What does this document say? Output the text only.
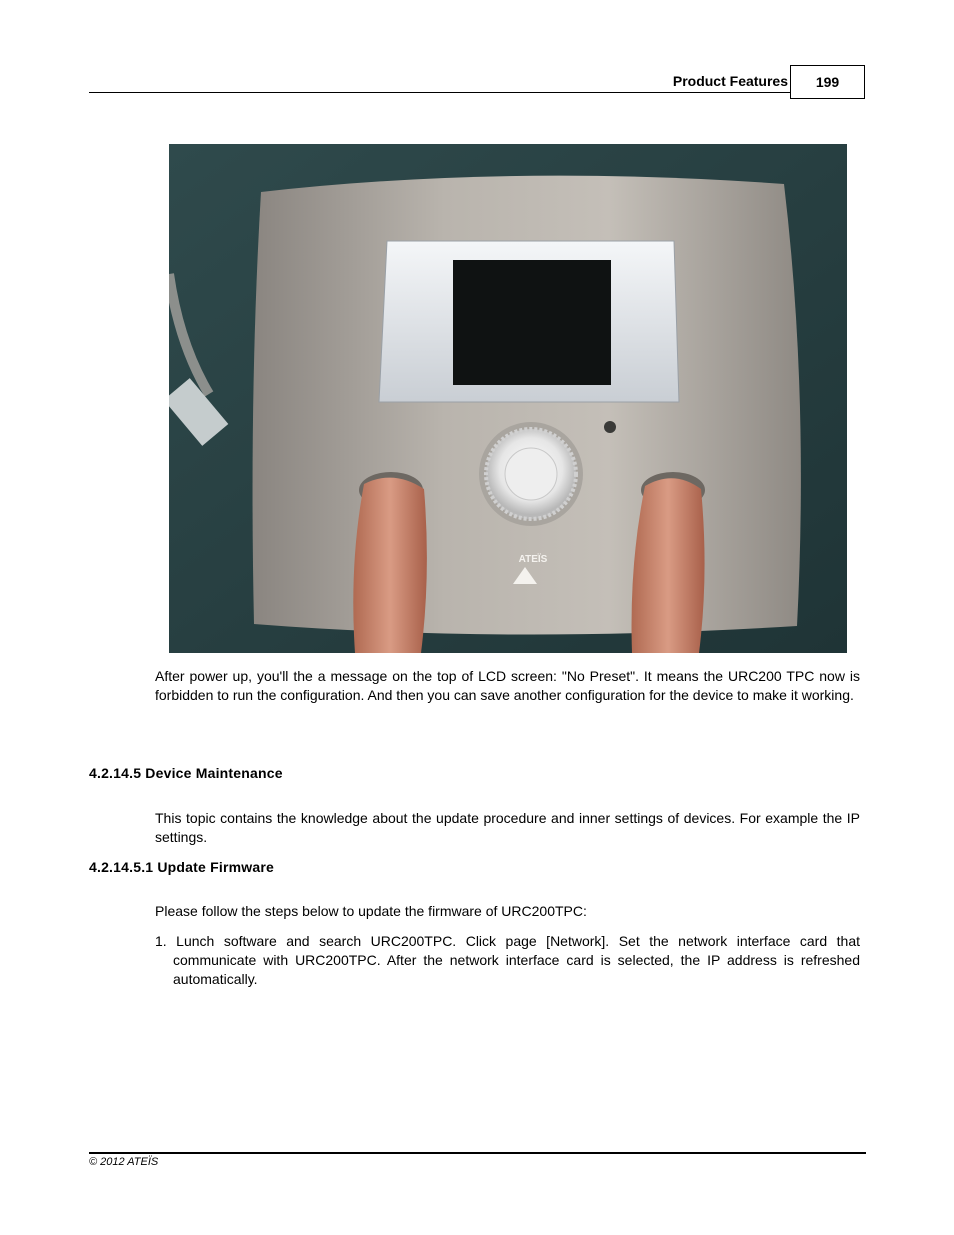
Product Features	199
ATEÏS

After power up, you'll the a message on the top of LCD screen: "No Preset". It means the URC200 TPC now is forbidden to run the configuration. And then you can save another configuration for the device to make it working.

4.2.14.5 Device Maintenance

This topic contains the knowledge about the update procedure and inner settings of devices. For example the IP settings.

4.2.14.5.1 Update Firmware

Please follow the steps below to update the firmware of URC200TPC:

1. Lunch software and search URC200TPC. Click page [Network]. Set the network interface card that communicate with URC200TPC. After the network interface card is selected, the IP address is refreshed automatically.

© 2012 ATEÏS
